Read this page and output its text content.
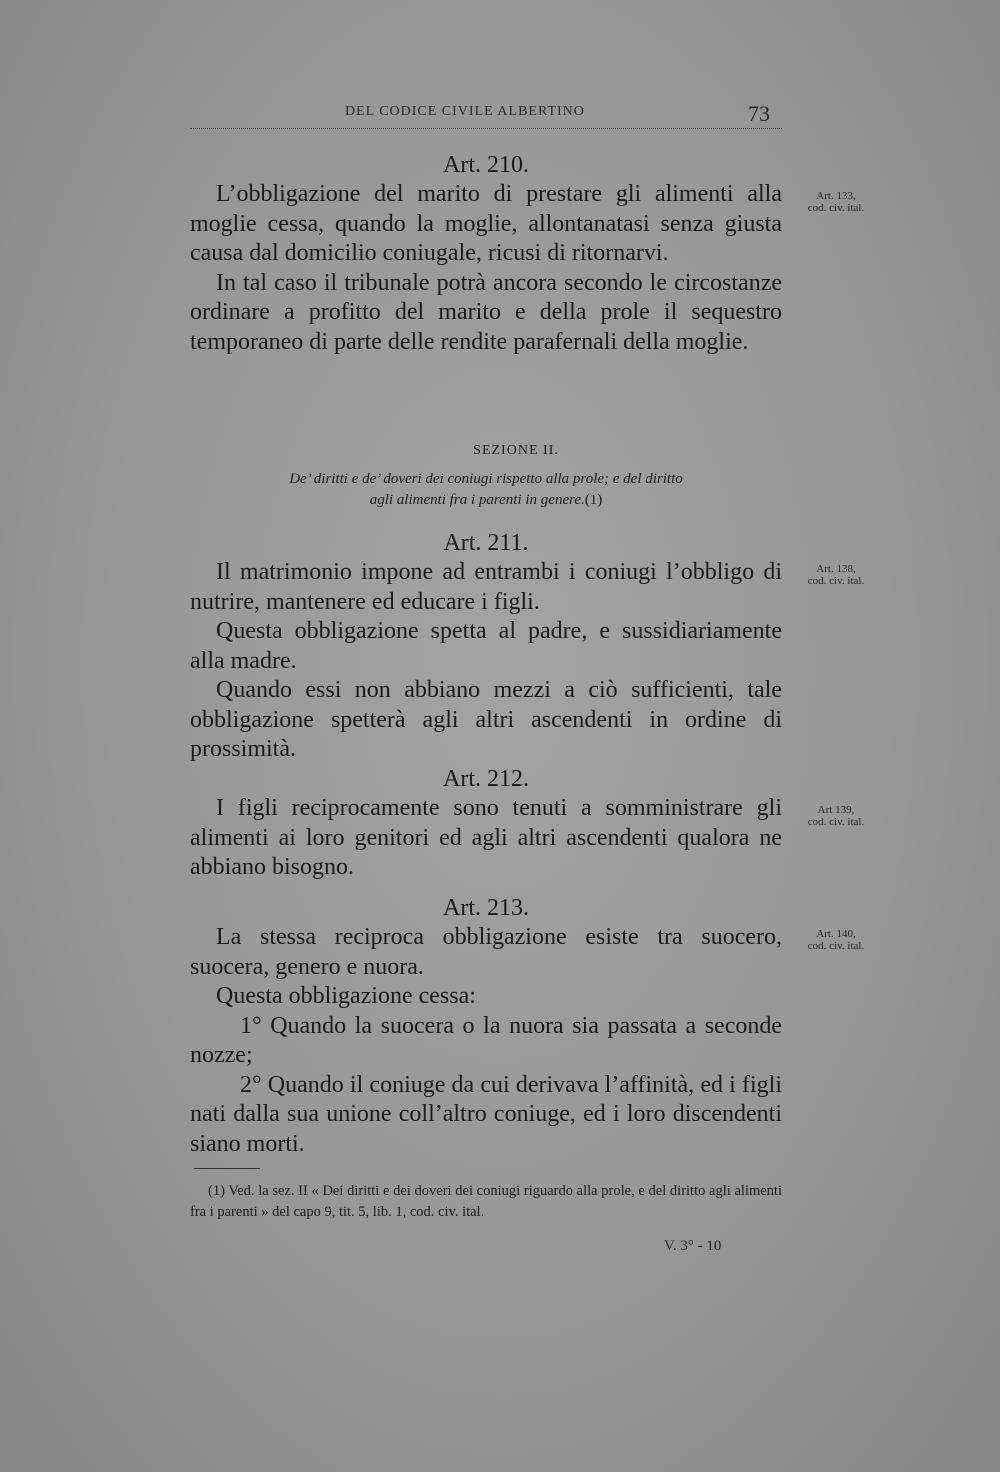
DEL CODICE CIVILE ALBERTINO	73

Art. 210.

L’obbligazione del marito di prestare gli alimenti alla moglie cessa, quando la moglie, allontanatasi senza giusta causa dal domicilio coniugale, ricusi di ritornarvi.

In tal caso il tribunale potrà ancora secondo le circostanze ordinare a profitto del marito e della prole il sequestro temporaneo di parte delle rendite parafernali della moglie.

Art. 133,
cod. civ. ital.

SEZIONE II.

De’ diritti e de’ doveri dei coniugi rispetto alla prole; e del diritto

agli alimenti fra i parenti in genere.(1)

Art. 211.

Il matrimonio impone ad entrambi i coniugi l’obbligo di nutrire, mantenere ed educare i figli.

Questa obbligazione spetta al padre, e sussidiariamente alla madre.

Quando essi non abbiano mezzi a ciò sufficienti, tale obbligazione spetterà agli altri ascendenti in ordine di prossimità.

Art. 138,
cod. civ. ital.

Art. 212.

I figli reciprocamente sono tenuti a somministrare gli alimenti ai loro genitori ed agli altri ascendenti qualora ne abbiano bisogno.

Art 139,
cod. civ. ital.

Art. 213.

La stessa reciproca obbligazione esiste tra suocero, suocera, genero e nuora.

Questa obbligazione cessa:

1° Quando la suocera o la nuora sia passata a seconde nozze;

2° Quando il coniuge da cui derivava l’affinità, ed i figli nati dalla sua unione coll’altro coniuge, ed i loro discendenti siano morti.

Art. 140,
cod. civ. ital.
(1) Ved. la sez. II « Dei diritti e dei doveri dei coniugi riguardo alla prole, e del diritto agli alimenti fra i parenti » del capo 9, tit. 5, lib. 1, cod. civ. ital.
V. 3° - 10
